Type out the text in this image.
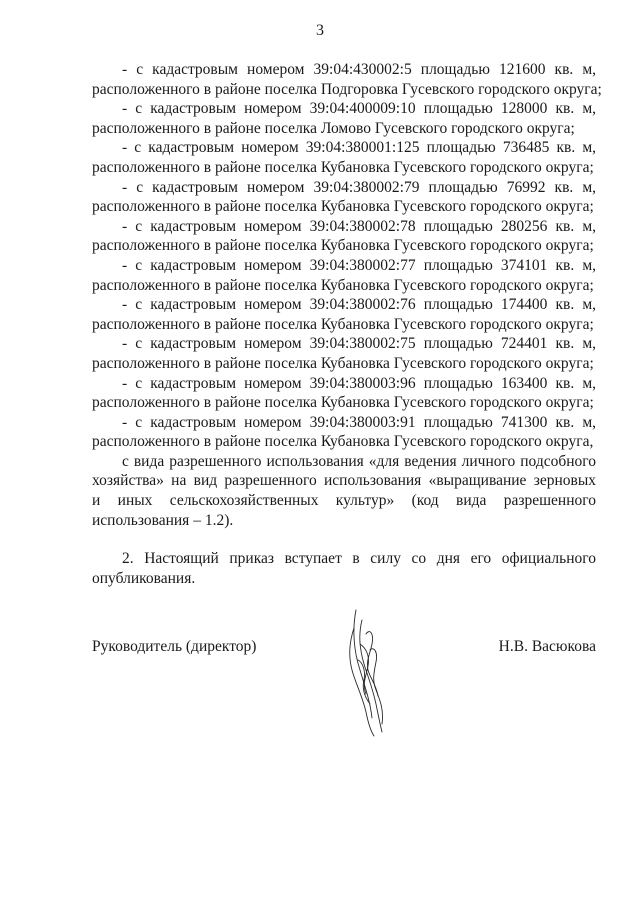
3
- с кадастровым номером 39:04:430002:5 площадью 121600 кв. м,
расположенного в районе поселка Подгоровка Гусевского городского округа;
- с кадастровым номером 39:04:400009:10 площадью 128000 кв. м,
расположенного в районе поселка Ломово Гусевского городского округа;
- с кадастровым номером 39:04:380001:125 площадью 736485 кв. м,
расположенного в районе поселка Кубановка Гусевского городского округа;
- с кадастровым номером 39:04:380002:79 площадью 76992 кв. м,
расположенного в районе поселка Кубановка Гусевского городского округа;
- с кадастровым номером 39:04:380002:78 площадью 280256 кв. м,
расположенного в районе поселка Кубановка Гусевского городского округа;
- с кадастровым номером 39:04:380002:77 площадью 374101 кв. м,
расположенного в районе поселка Кубановка Гусевского городского округа;
- с кадастровым номером 39:04:380002:76 площадью 174400 кв. м,
расположенного в районе поселка Кубановка Гусевского городского округа;
- с кадастровым номером 39:04:380002:75 площадью 724401 кв. м,
расположенного в районе поселка Кубановка Гусевского городского округа;
- с кадастровым номером 39:04:380003:96 площадью 163400 кв. м,
расположенного в районе поселка Кубановка Гусевского городского округа;
- с кадастровым номером 39:04:380003:91 площадью 741300 кв. м,
расположенного в районе поселка Кубановка Гусевского городского округа,
с вида разрешенного использования «для ведения личного подсобного
хозяйства» на вид разрешенного использования «выращивание зерновых
и иных сельскохозяйственных культур» (код вида разрешенного
использования – 1.2).
2. Настоящий приказ вступает в силу со дня его официального
опубликования.
Руководитель (директор)	Н.В. Васюкова
